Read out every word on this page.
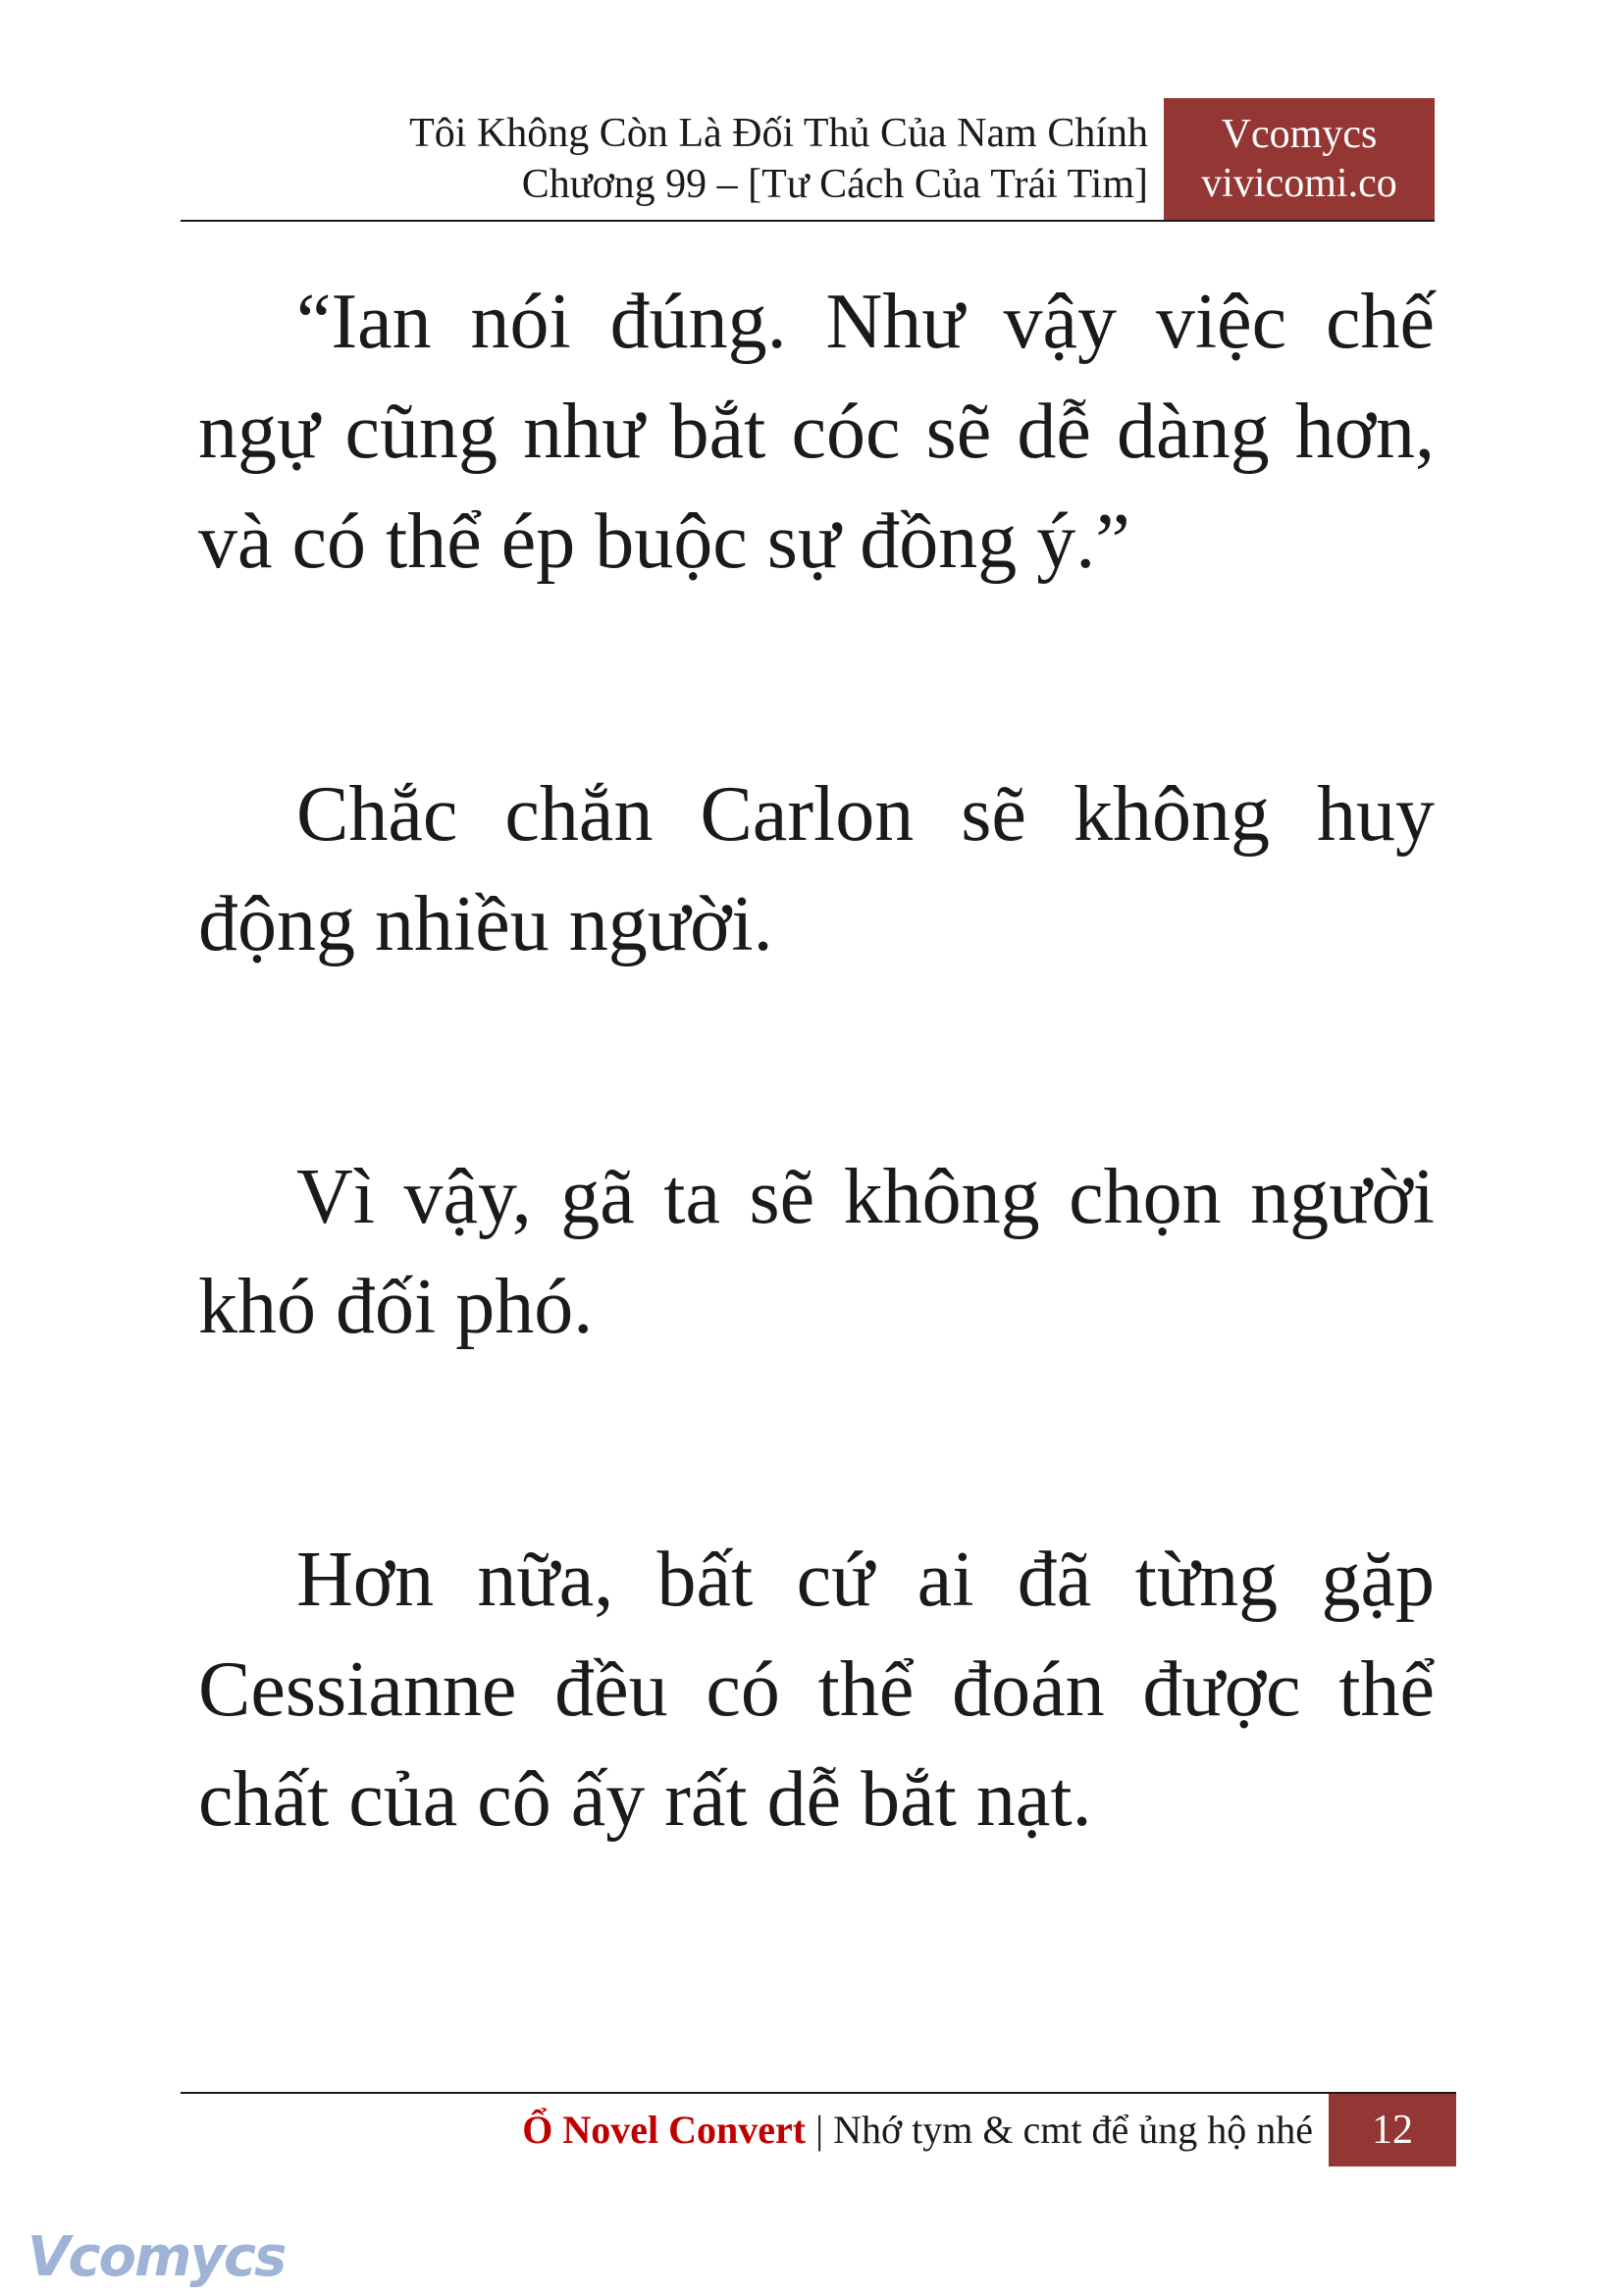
Tôi Không Còn Là Đối Thủ Của Nam Chính
Chương 99 – [Tư Cách Của Trái Tim]
Vcomycs
vivicomi.co

“Ian nói đúng. Như vậy việc chế ngự cũng như bắt cóc sẽ dễ dàng hơn, và có thể ép buộc sự đồng ý.”

Chắc chắn Carlon sẽ không huy động nhiều người.

Vì vậy, gã ta sẽ không chọn người khó đối phó.

Hơn nữa, bất cứ ai đã từng gặp Cessianne đều có thể đoán được thể chất của cô ấy rất dễ bắt nạt.

Ổ Novel Convert | Nhớ tym & cmt để ủng hộ nhé	12
Vcomycs
